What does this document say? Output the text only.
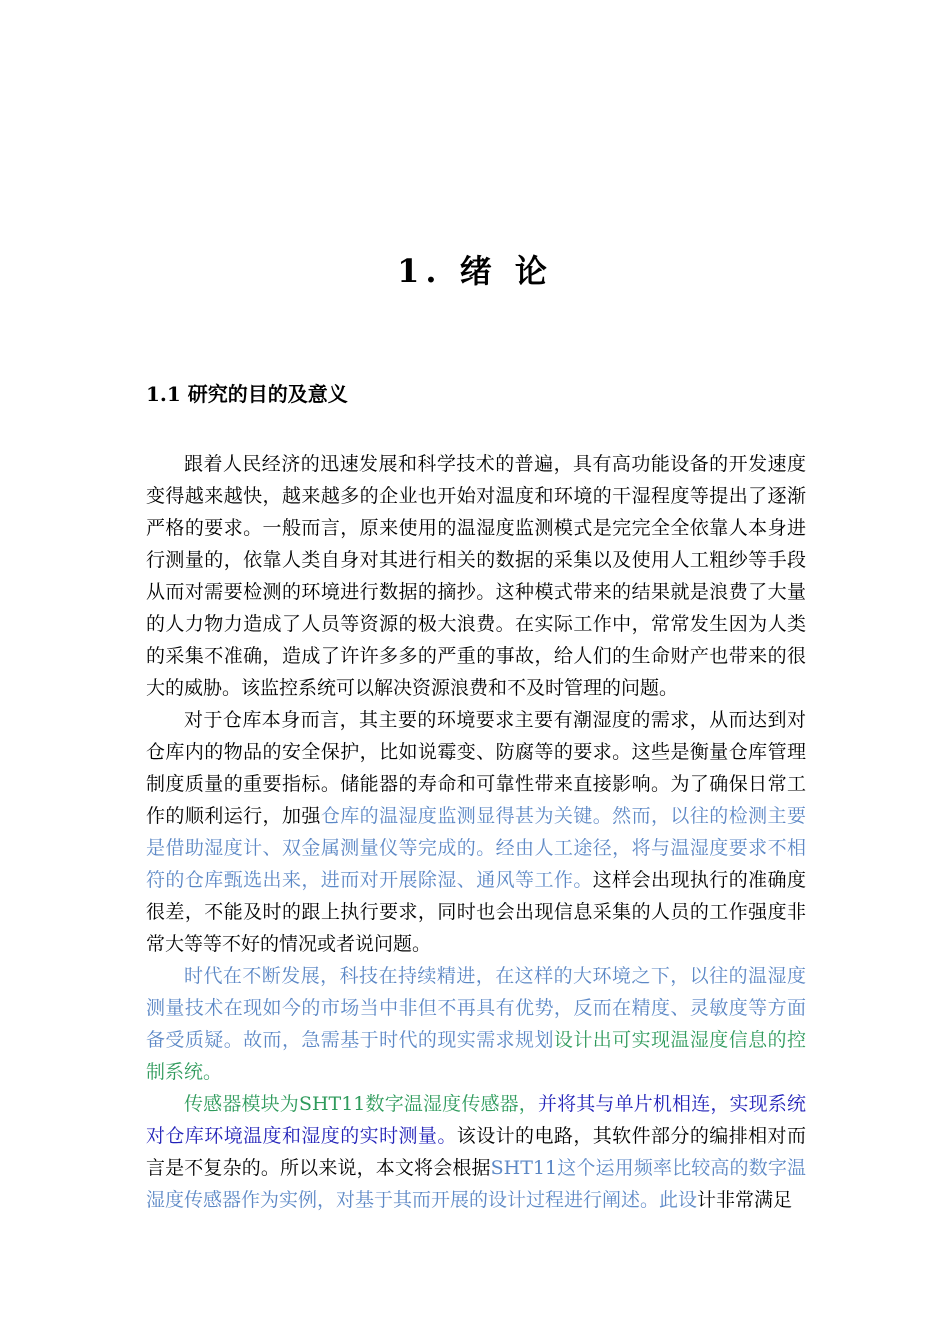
1. 绪 论
1.1 研究的目的及意义

跟着人民经济的迅速发展和科学技术的普遍，具有高功能设备的开发速度变得越来越快，越来越多的企业也开始对温度和环境的干湿程度等提出了逐渐严格的要求。一般而言，原来使用的温湿度监测模式是完完全全依靠人本身进行测量的，依靠人类自身对其进行相关的数据的采集以及使用人工粗纱等手段从而对需要检测的环境进行数据的摘抄。这种模式带来的结果就是浪费了大量的人力物力造成了人员等资源的极大浪费。在实际工作中，常常发生因为人类的采集不准确，造成了许许多多的严重的事故，给人们的生命财产也带来的很大的威胁。该监控系统可以解决资源浪费和不及时管理的问题。

对于仓库本身而言，其主要的环境要求主要有潮湿度的需求，从而达到对仓库内的物品的安全保护，比如说霉变、防腐等的要求。这些是衡量仓库管理制度质量的重要指标。储能器的寿命和可靠性带来直接影响。为了确保日常工作的顺利运行，加强仓库的温湿度监测显得甚为关键。然而，以往的检测主要是借助湿度计、双金属测量仪等完成的。经由人工途径，将与温湿度要求不相符的仓库甄选出来，进而对开展除湿、通风等工作。这样会出现执行的准确度很差，不能及时的跟上执行要求，同时也会出现信息采集的人员的工作强度非常大等等不好的情况或者说问题。

时代在不断发展，科技在持续精进，在这样的大环境之下，以往的温湿度测量技术在现如今的市场当中非但不再具有优势，反而在精度、灵敏度等方面备受质疑。故而，急需基于时代的现实需求规划设计出可实现温湿度信息的控制系统。

传感器模块为SHT11数字温湿度传感器，并将其与单片机相连，实现系统对仓库环境温度和湿度的实时测量。该设计的电路，其软件部分的编排相对而言是不复杂的。所以来说，本文将会根据SHT11这个运用频率比较高的数字温湿度传感器作为实例，对基于其而开展的设计过程进行阐述。此设计非常满足
